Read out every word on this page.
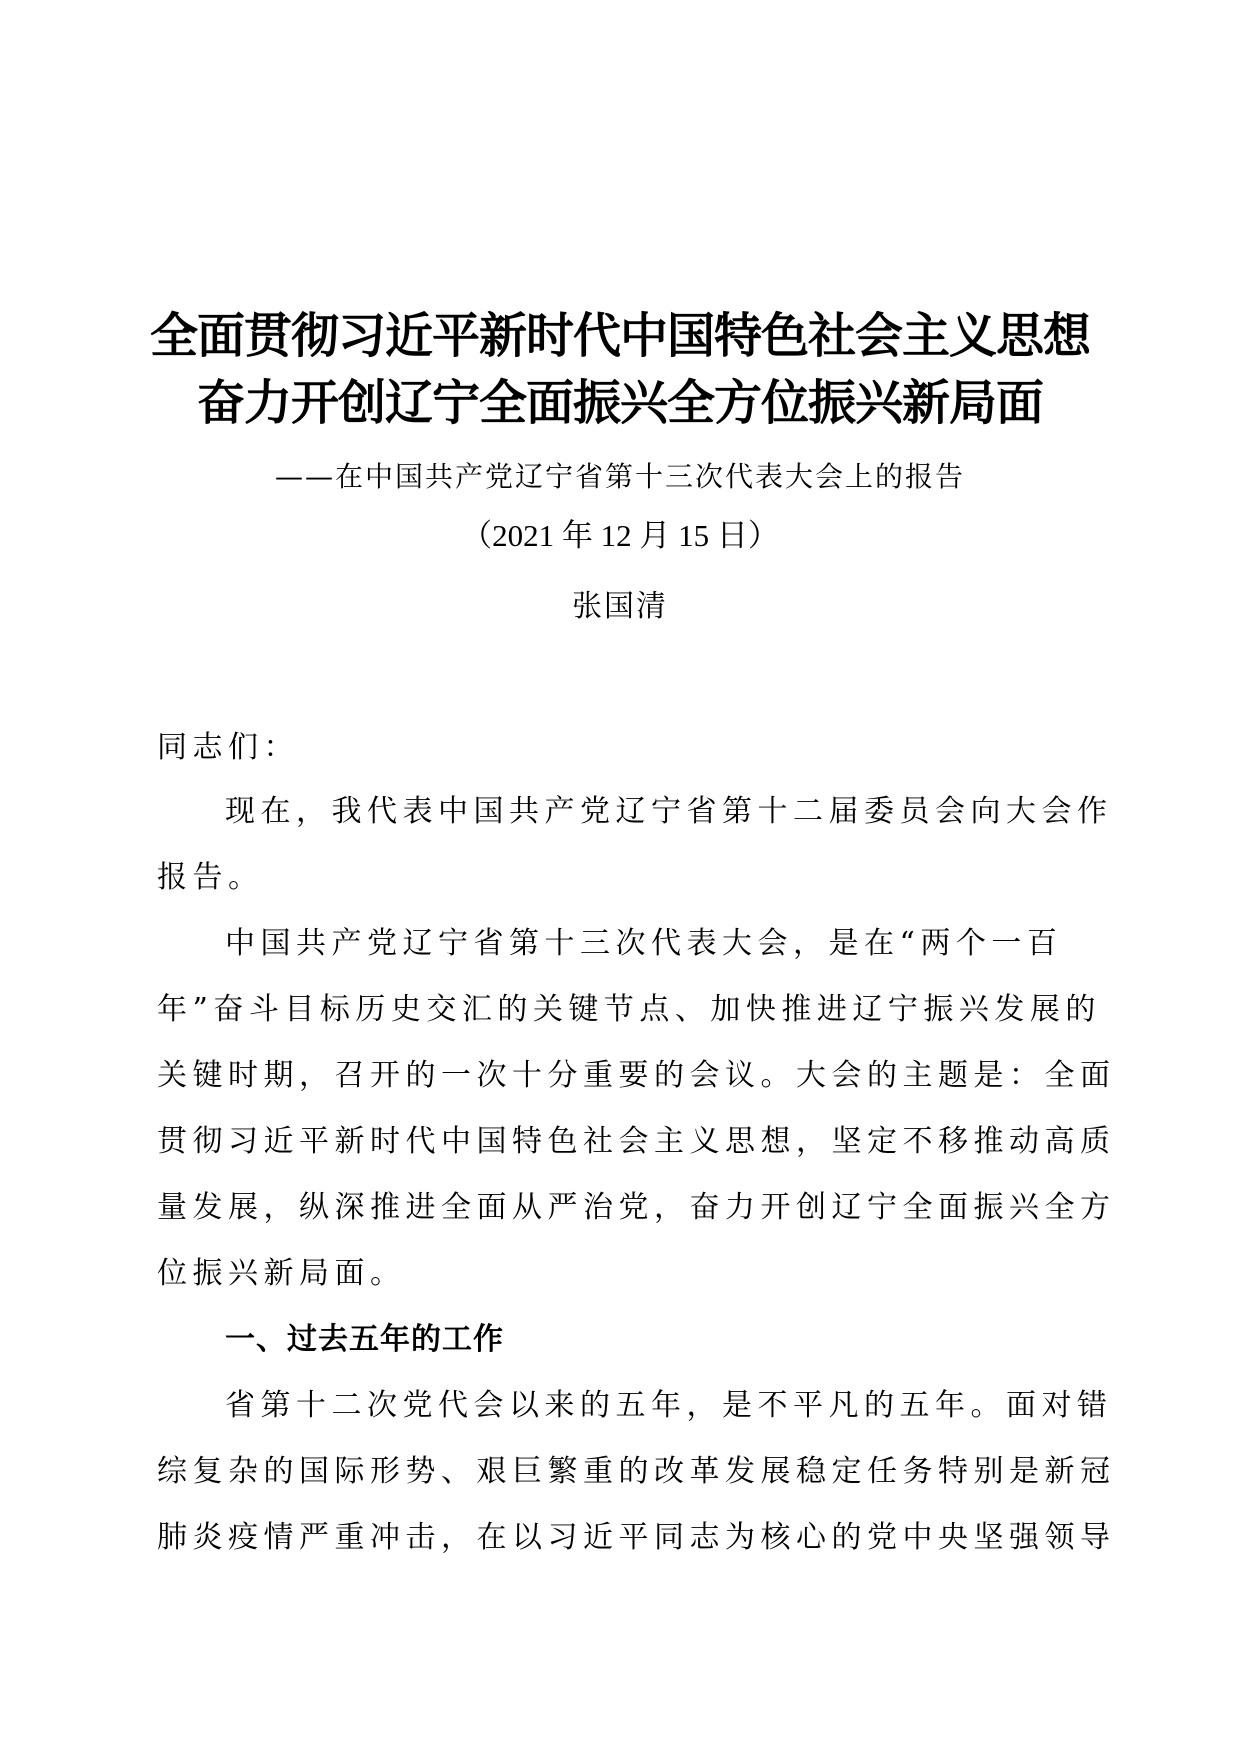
全面贯彻习近平新时代中国特色社会主义思想
奋力开创辽宁全面振兴全方位振兴新局面
——在中国共产党辽宁省第十三次代表大会上的报告
（2021 年 12 月 15 日）
张国清
同志们：
现在，我代表中国共产党辽宁省第十二届委员会向大会作
报告。
中国共产党辽宁省第十三次代表大会，是在“两个一百
年”奋斗目标历史交汇的关键节点、加快推进辽宁振兴发展的
关键时期，召开的一次十分重要的会议。大会的主题是：全面
贯彻习近平新时代中国特色社会主义思想，坚定不移推动高质
量发展，纵深推进全面从严治党，奋力开创辽宁全面振兴全方
位振兴新局面。
一、过去五年的工作
省第十二次党代会以来的五年，是不平凡的五年。面对错
综复杂的国际形势、艰巨繁重的改革发展稳定任务特别是新冠
肺炎疫情严重冲击，在以习近平同志为核心的党中央坚强领导
